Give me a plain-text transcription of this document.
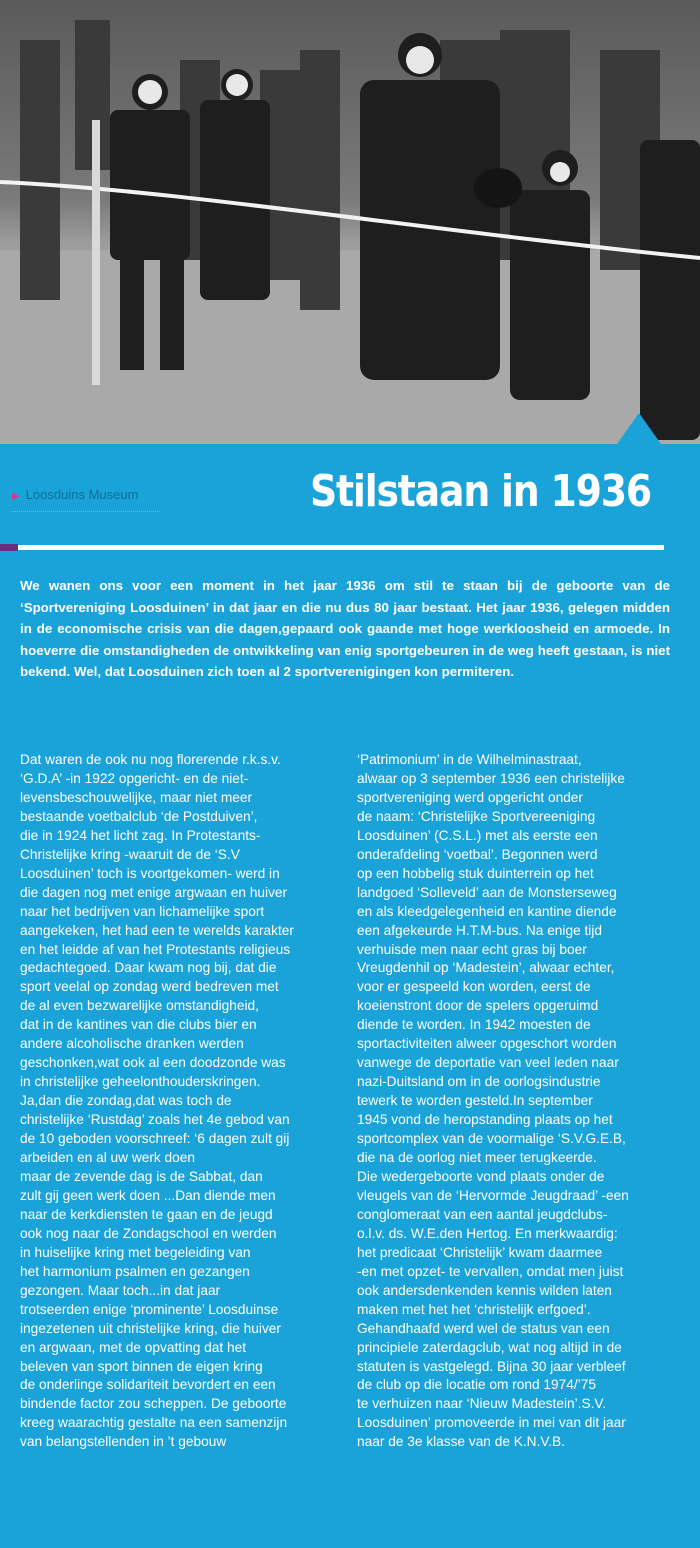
▶ Loosduins Museum	Stilstaan in 1936
We wanen ons voor een moment in het jaar 1936 om stil te staan bij de geboorte van de ‘Sportvereniging Loosduinen’ in dat jaar en die nu dus 80 jaar bestaat. Het jaar 1936, gelegen midden in de economische crisis van die dagen,gepaard ook gaande met hoge werkloosheid en armoede. In hoeverre die omstandigheden de ontwikkeling van enig sportgebeuren in de weg heeft gestaan, is niet bekend. Wel, dat Loosduinen zich toen al 2 sportverenigingen kon permiteren.
Dat waren de ook nu nog florerende r.k.s.v.
‘G.D.A’ -in 1922 opgericht- en de niet-
levensbeschouwelijke, maar niet meer
bestaande voetbalclub ‘de Postduiven’,
die in 1924 het licht zag. In Protestants-
Christelijke kring -waaruit de de ‘S.V
Loosduinen’ toch is voortgekomen- werd in
die dagen nog met enige argwaan en huiver
naar het bedrijven van lichamelijke sport
aangekeken, het had een te werelds karakter
en het leidde af van het Protestants religieus
gedachtegoed. Daar kwam nog bij, dat die
sport veelal op zondag werd bedreven met
de al even bezwarelijke omstandigheid,
dat in de kantines van die clubs bier en
andere alcoholische dranken werden
geschonken,wat ook al een doodzonde was
in christelijke geheelonthouderskringen.
Ja,dan die zondag,dat was toch de
christelijke ‘Rustdag’ zoals het 4e gebod van
de 10 geboden voorschreef: ‘6 dagen zult gij
arbeiden en al uw werk doen
maar de zevende dag is de Sabbat, dan
zult gij geen werk doen ...Dan diende men
naar de kerkdiensten te gaan en de jeugd
ook nog naar de Zondagschool en werden
in huiselijke kring met begeleiding van
het harmonium psalmen en gezangen
gezongen. Maar toch...in dat jaar
trotseerden enige ‘prominente’ Loosduinse
ingezetenen uit christelijke kring, die huiver
en argwaan, met de opvatting dat het
beleven van sport binnen de eigen kring
de onderlinge solidariteit bevordert en een
bindende factor zou scheppen. De geboorte
kreeg waarachtig gestalte na een samenzijn
van belangstellenden in ’t gebouw
‘Patrimonium’ in de Wilhelminastraat,
alwaar op 3 september 1936 een christelijke
sportvereniging werd opgericht onder
de naam: ‘Christelijke Sportvereeniging
Loosduinen’ (C.S.L.) met als eerste een
onderafdeling ‘voetbal’. Begonnen werd
op een hobbelig stuk duinterrein op het
landgoed ‘Solleveld’ aan de Monsterseweg
en als kleedgelegenheid en kantine diende
een afgekeurde H.T.M-bus. Na enige tijd
verhuisde men naar echt gras bij boer
Vreugdenhil op ‘Madestein’, alwaar echter,
voor er gespeeld kon worden, eerst de
koeienstront door de spelers opgeruimd
diende te worden. In 1942 moesten de
sportactiviteiten alweer opgeschort worden
vanwege de deportatie van veel leden naar
nazi-Duitsland om in de oorlogsindustrie
tewerk te worden gesteld.In september
1945 vond de heropstanding plaats op het
sportcomplex van de voormalige ‘S.V.G.E.B,
die na de oorlog niet meer terugkeerde.
Die wedergeboorte vond plaats onder de
vleugels van de ‘Hervormde Jeugdraad’ -een
conglomeraat van een aantal jeugdclubs-
o.l.v. ds. W.E.den Hertog. En merkwaardig:
het predicaat ‘Christelijk’ kwam daarmee
-en met opzet- te vervallen, omdat men juist
ook andersdenkenden kennis wilden laten
maken met het het ‘christelijk erfgoed’.
Gehandhaafd werd wel de status van een
principiele zaterdagclub, wat nog altijd in de
statuten is vastgelegd. Bijna 30 jaar verbleef
de club op die locatie om rond 1974/’75
te verhuizen naar ‘Nieuw Madestein’.S.V.
Loosduinen’ promoveerde in mei van dit jaar
naar de 3e klasse van de K.N.V.B.
